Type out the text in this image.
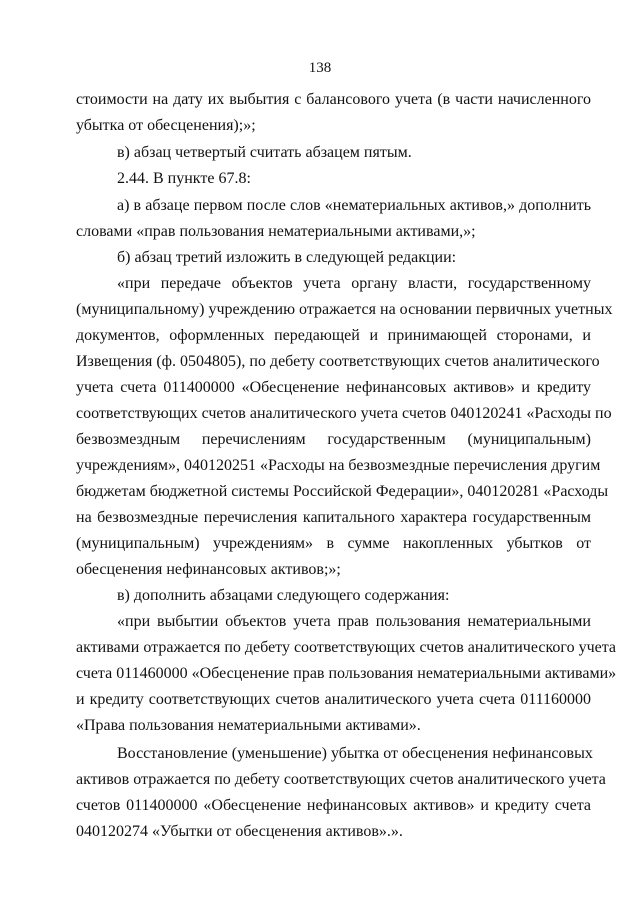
138
стоимости на дату их выбытия с балансового учета (в части начисленного
убытка от обесценения);»;
в) абзац четвертый считать абзацем пятым.
2.44. В пункте 67.8:
а) в абзаце первом после слов «нематериальных активов,» дополнить
словами «прав пользования нематериальными активами,»;
б) абзац третий изложить в следующей редакции:
«при передаче объектов учета органу власти, государственному
(муниципальному) учреждению отражается на основании первичных учетных
документов, оформленных передающей и принимающей сторонами, и
Извещения (ф. 0504805), по дебету соответствующих счетов аналитического
учета счета 011400000 «Обесценение нефинансовых активов» и кредиту
соответствующих счетов аналитического учета счетов 040120241 «Расходы по
безвозмездным перечислениям государственным (муниципальным)
учреждениям», 040120251 «Расходы на безвозмездные перечисления другим
бюджетам бюджетной системы Российской Федерации», 040120281 «Расходы
на безвозмездные перечисления капитального характера государственным
(муниципальным) учреждениям» в сумме накопленных убытков от
обесценения нефинансовых активов;»;
в) дополнить абзацами следующего содержания:
«при выбытии объектов учета прав пользования нематериальными
активами отражается по дебету соответствующих счетов аналитического учета
счета 011460000 «Обесценение прав пользования нематериальными активами»
и кредиту соответствующих счетов аналитического учета счета 011160000
«Права пользования нематериальными активами».
Восстановление (уменьшение) убытка от обесценения нефинансовых
активов отражается по дебету соответствующих счетов аналитического учета
счетов 011400000 «Обесценение нефинансовых активов» и кредиту счета
040120274 «Убытки от обесценения активов».».
